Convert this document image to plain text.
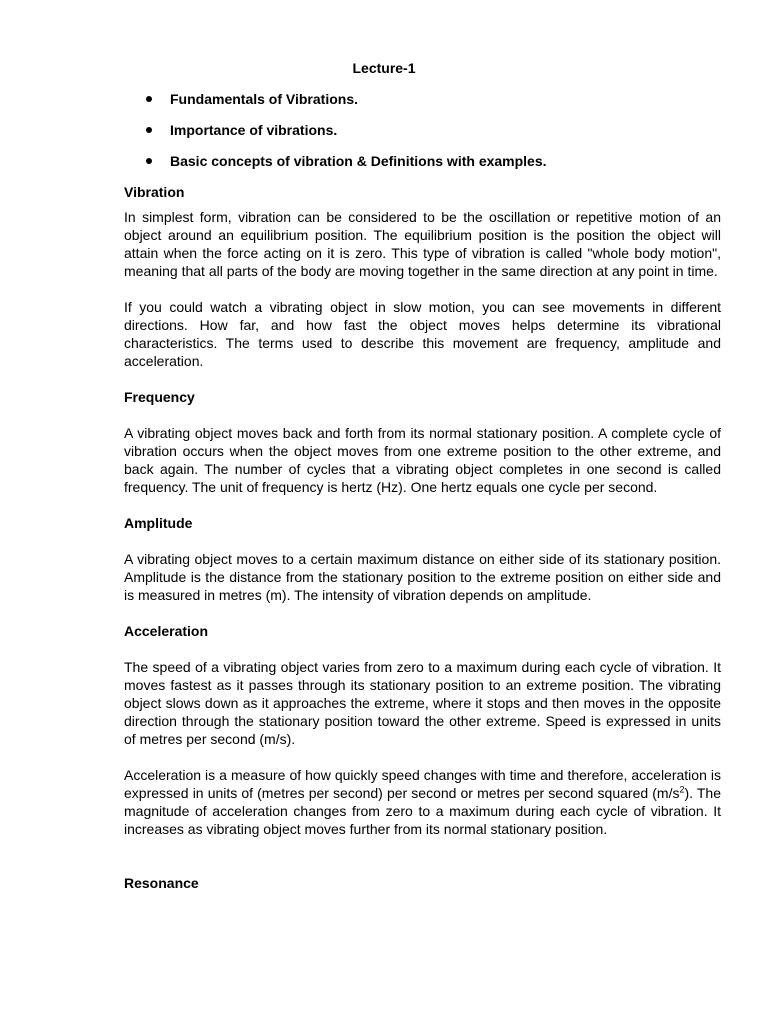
Lecture-1
Fundamentals of Vibrations.
Importance of vibrations.
Basic concepts of vibration & Definitions with examples.
Vibration

In simplest form, vibration can be considered to be the oscillation or repetitive motion of an object around an equilibrium position. The equilibrium position is the position the object will attain when the force acting on it is zero. This type of vibration is called "whole body motion", meaning that all parts of the body are moving together in the same direction at any point in time.

If you could watch a vibrating object in slow motion, you can see movements in different directions. How far, and how fast the object moves helps determine its vibrational characteristics. The terms used to describe this movement are frequency, amplitude and acceleration.

Frequency

A vibrating object moves back and forth from its normal stationary position. A complete cycle of vibration occurs when the object moves from one extreme position to the other extreme, and back again. The number of cycles that a vibrating object completes in one second is called frequency. The unit of frequency is hertz (Hz). One hertz equals one cycle per second.

Amplitude

A vibrating object moves to a certain maximum distance on either side of its stationary position. Amplitude is the distance from the stationary position to the extreme position on either side and is measured in metres (m). The intensity of vibration depends on amplitude.

Acceleration

The speed of a vibrating object varies from zero to a maximum during each cycle of vibration. It moves fastest as it passes through its stationary position to an extreme position. The vibrating object slows down as it approaches the extreme, where it stops and then moves in the opposite direction through the stationary position toward the other extreme. Speed is expressed in units of metres per second (m/s).

Acceleration is a measure of how quickly speed changes with time and therefore, acceleration is expressed in units of (metres per second) per second or metres per second squared $(m/s^2)$. The magnitude of acceleration changes from zero to a maximum during each cycle of vibration. It increases as vibrating object moves further from its normal stationary position.

Resonance
